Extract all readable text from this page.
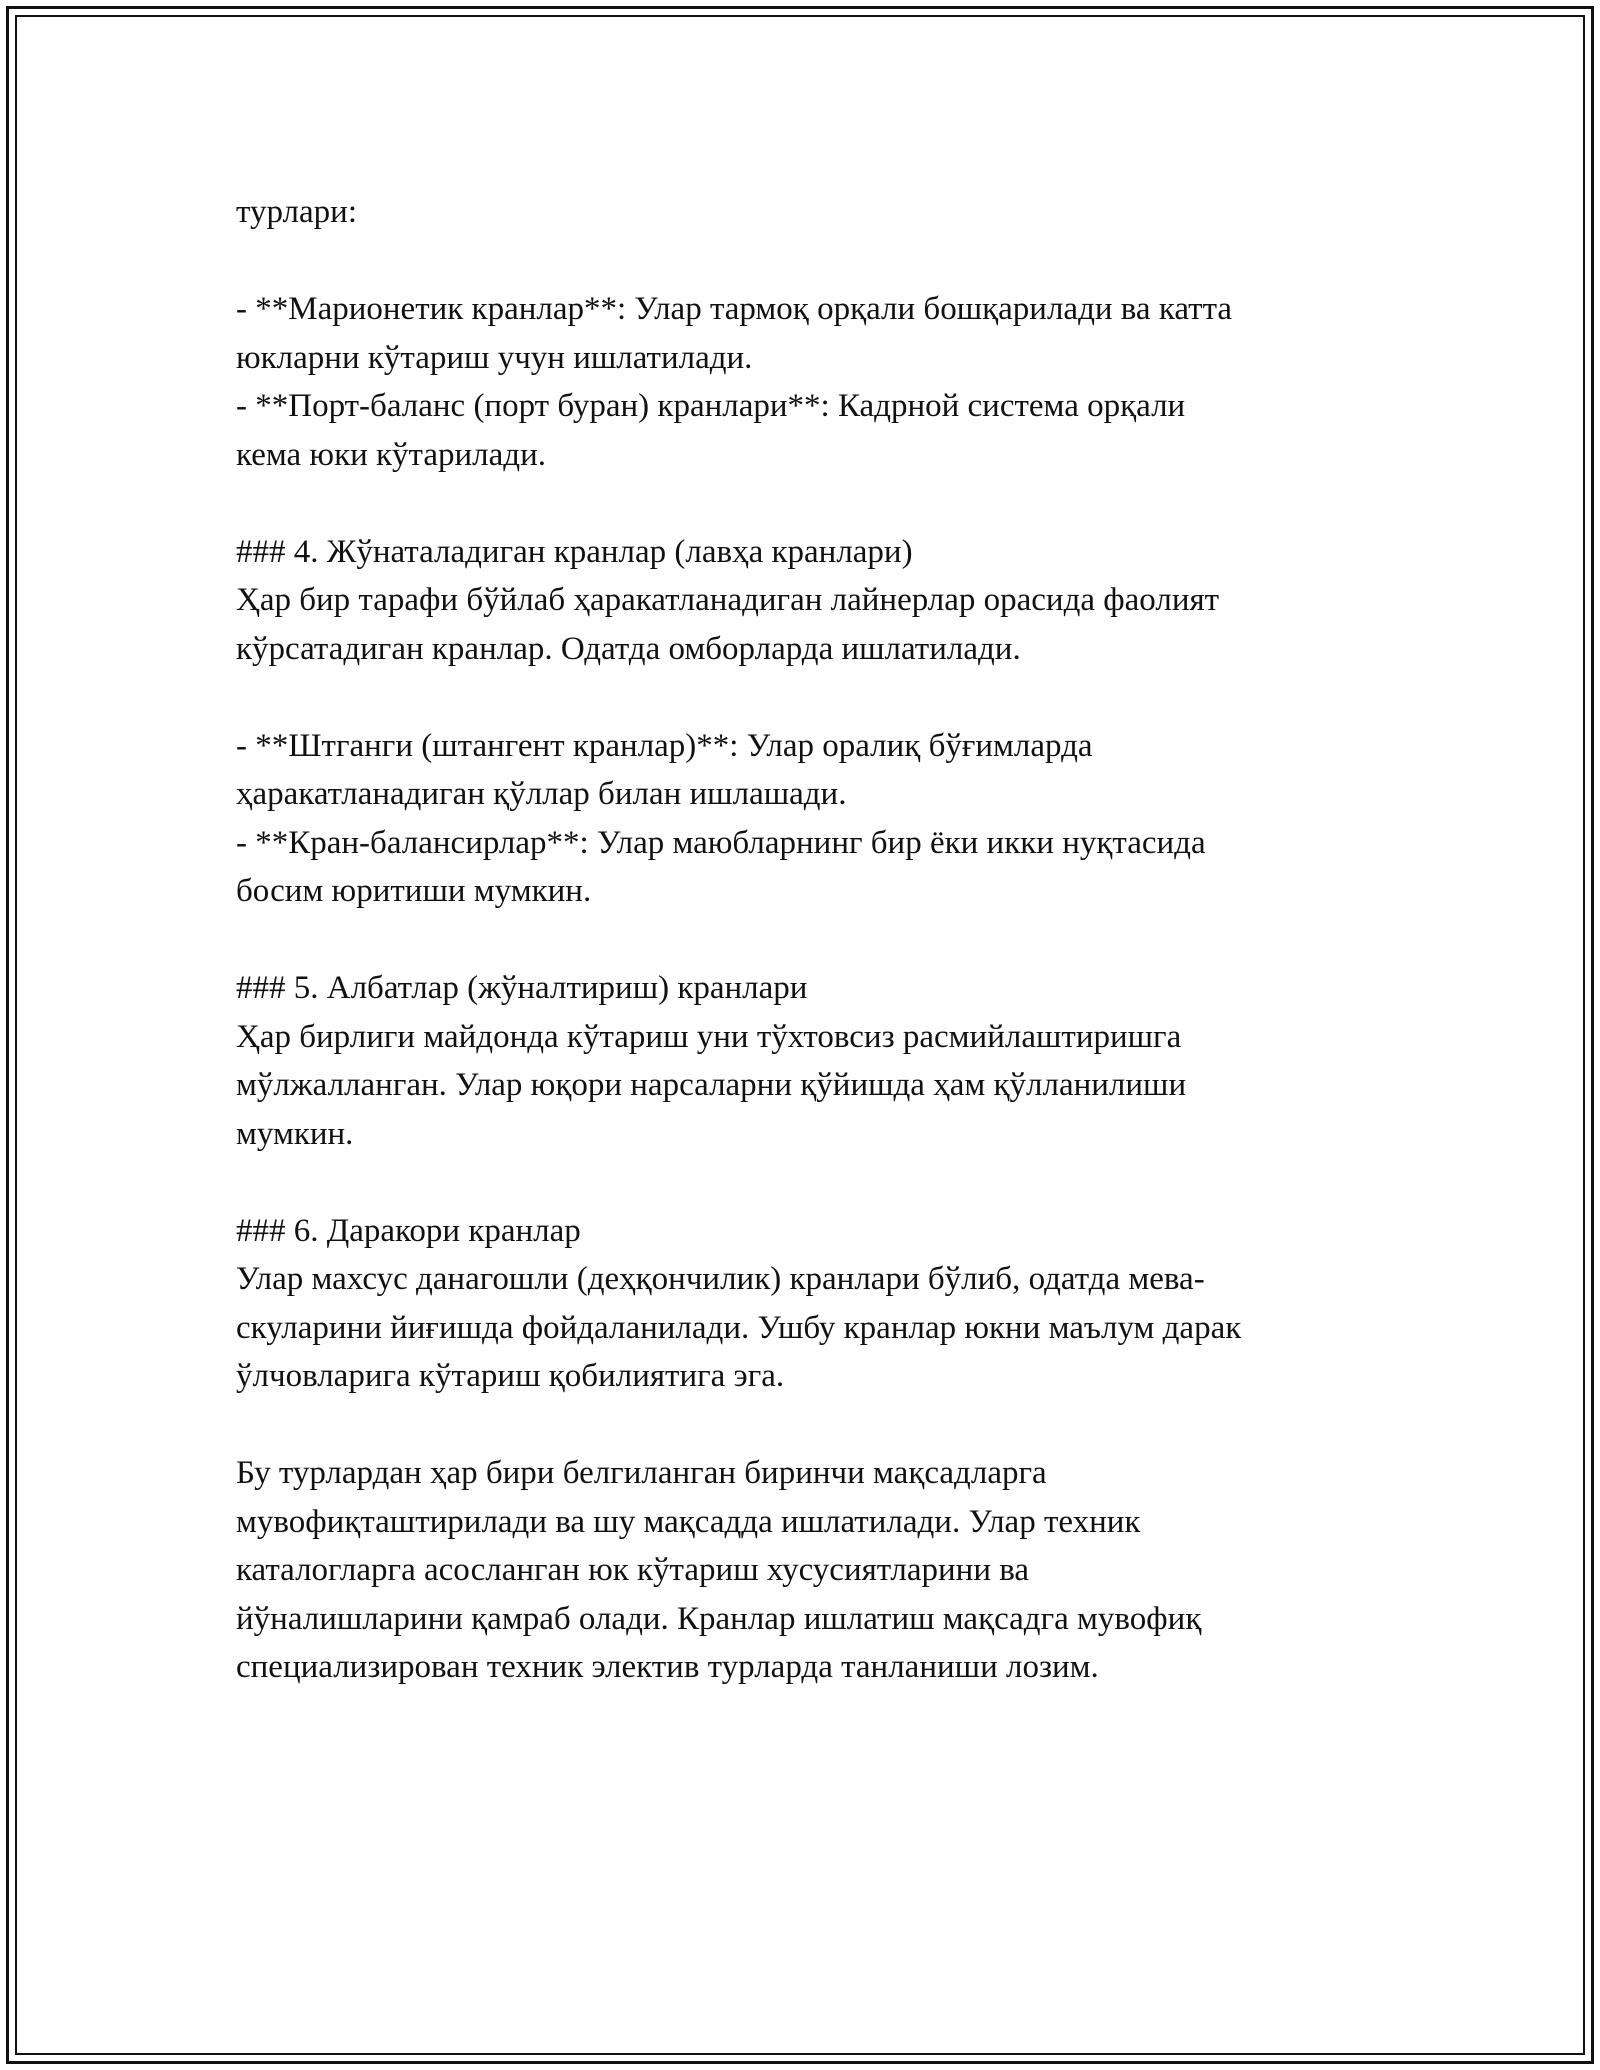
турлари:
- **Марионетик кранлар**: Улар тармоқ орқали бошқарилади ва катта
юкларни кўтариш учун ишлатилади.
- **Порт-баланс (порт буран) кранлари**: Кадрной система орқали
кема юки кўтарилади.
### 4. Жўнаталадиган кранлар (лавҳа кранлари)
Ҳар бир тарафи бўйлаб ҳаракатланадиган лайнерлар орасида фаолият
кўрсатадиган кранлар. Одатда омборларда ишлатилади.
- **Штганги (штангент кранлар)**: Улар оралиқ бўғимларда
ҳаракатланадиган қўллар билан ишлашади.
- **Кран-балансирлар**: Улар маюбларнинг бир ёки икки нуқтасида
босим юритиши мумкин.
### 5. Албатлар (жўналтириш) кранлари
Ҳар бирлиги майдонда кўтариш уни тўхтовсиз расмийлаштиришга
мўлжалланган. Улар юқори нарсаларни қўйишда ҳам қўлланилиши
мумкин.
### 6. Даракори кранлар
Улар махсус данагошли (деҳқончилик) кранлари бўлиб, одатда мева-
скуларини йиғишда фойдаланилади. Ушбу кранлар юкни маълум дарак
ўлчовларига кўтариш қобилиятига эга.
Бу турлардан ҳар бири белгиланган биринчи мақсадларга
мувофиқташтирилади ва шу мақсадда ишлатилади. Улар техник
каталогларга асосланган юк кўтариш хусусиятларини ва
йўналишларини қамраб олади. Кранлар ишлатиш мақсадга мувофиқ
специализирован техник электив турларда танланиши лозим.
